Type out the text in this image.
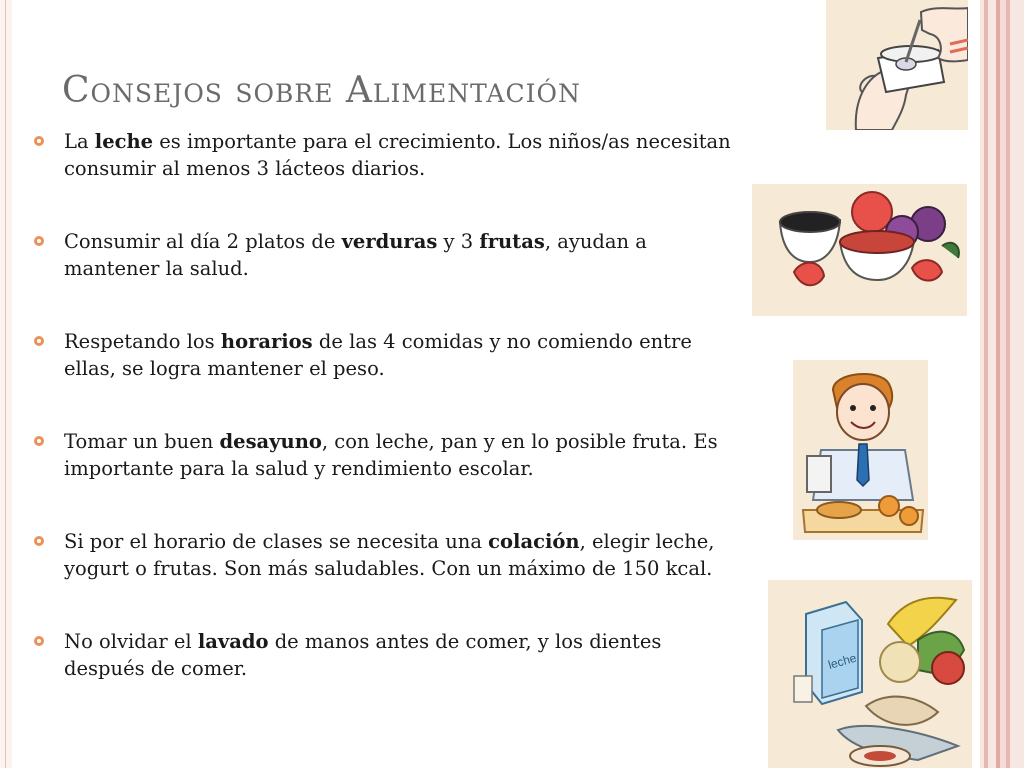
Consejos sobre Alimentación
La leche es importante para el crecimiento. Los niños/as necesitan consumir al menos 3 lácteos diarios.
Consumir al día 2 platos de verduras y 3 frutas, ayudan a mantener la salud.
Respetando los horarios de las 4 comidas y no comiendo entre ellas, se logra mantener el peso.
Tomar un buen desayuno, con leche, pan y en lo posible fruta. Es importante para la salud y rendimiento escolar.
Si por el horario de clases se necesita una colación, elegir leche, yogurt o frutas. Son más saludables. Con un máximo de 150 kcal.
No olvidar el lavado de manos antes de comer, y los dientes después de comer.	leche
